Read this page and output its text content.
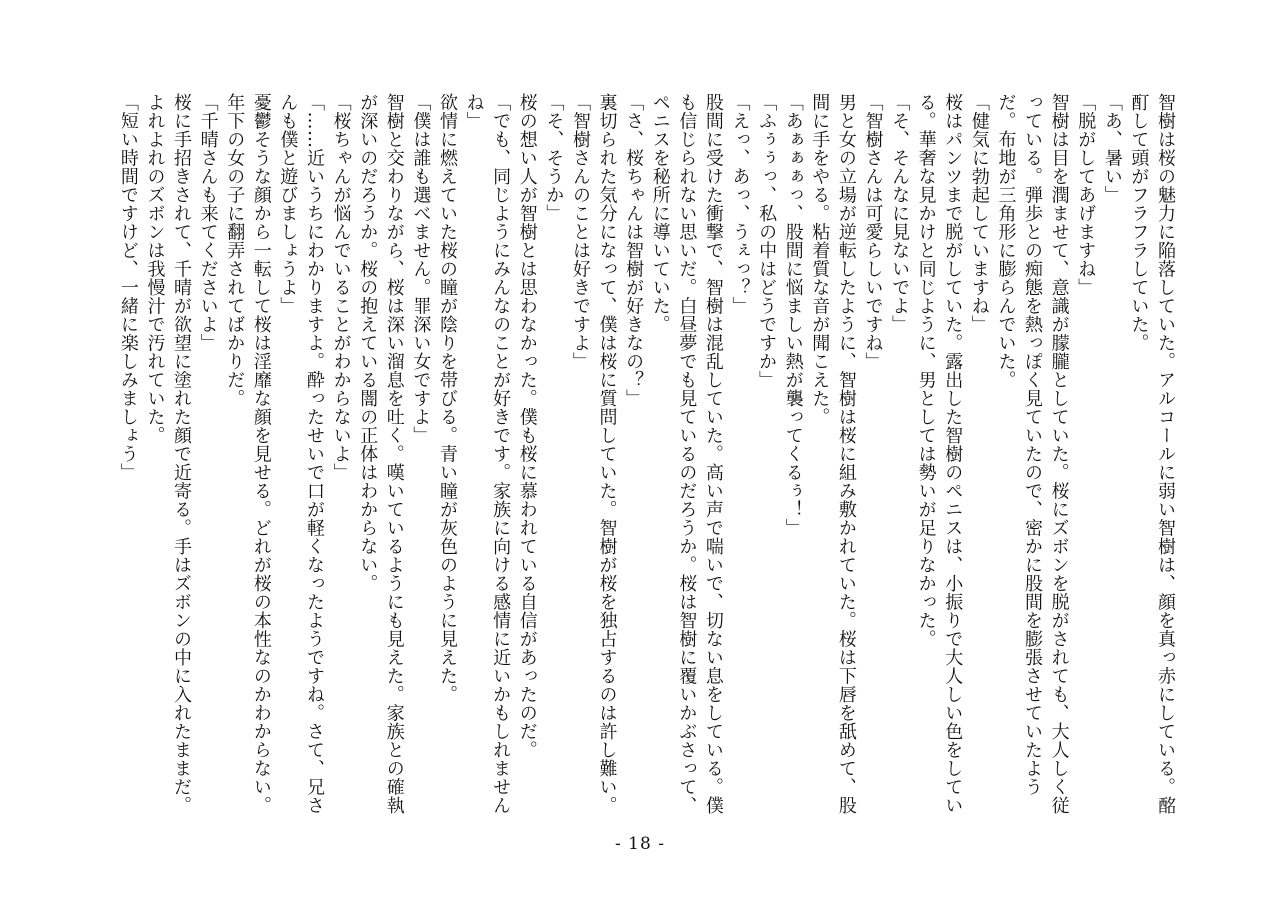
智樹は桜の魅力に陥落していた。アルコールに弱い智樹は、顔を真っ赤にしている。酩酊して頭がフラフラしていた。

「あ、暑い」

「脱がしてあげますね」

智樹は目を潤ませて、意識が朦朧としていた。桜にズボンを脱がされても、大人しく従っている。弾歩との痴態を熱っぽく見ていたので、密かに股間を膨張させていたようだ。布地が三角形に膨らんでいた。

「健気に勃起していますね」

桜はパンツまで脱がしていた。露出した智樹のペニスは、小振りで大人しい色をしている。華奢な見かけと同じように、男としては勢いが足りなかった。

「そ、そんなに見ないでよ」

「智樹さんは可愛らしいですね」

男と女の立場が逆転したように、智樹は桜に組み敷かれていた。桜は下唇を舐めて、股間に手をやる。粘着質な音が聞こえた。

「あぁぁぁっ、股間に悩ましい熱が襲ってくるぅ！」

「ふぅぅっ、私の中はどうですか」

「えっ、あっ、うぇっ？」

股間に受けた衝撃で、智樹は混乱していた。高い声で喘いで、切ない息をしている。僕も信じられない思いだ。白昼夢でも見ているのだろうか。桜は智樹に覆いかぶさって、ペニスを秘所に導いていた。

「さ、桜ちゃんは智樹が好きなの？」

裏切られた気分になって、僕は桜に質問していた。智樹が桜を独占するのは許し難い。

「智樹さんのことは好きですよ」

「そ、そうか」

桜の想い人が智樹とは思わなかった。僕も桜に慕われている自信があったのだ。

「でも、同じようにみんなのことが好きです。家族に向ける感情に近いかもしれませんね」

欲情に燃えていた桜の瞳が陰りを帯びる。青い瞳が灰色のように見えた。

「僕は誰も選べません。罪深い女ですよ」

智樹と交わりながら、桜は深い溜息を吐く。嘆いているようにも見えた。家族との確執が深いのだろうか。桜の抱えている闇の正体はわからない。

「桜ちゃんが悩んでいることがわからないよ」

「……近いうちにわかりますよ。酔ったせいで口が軽くなったようですね。さて、兄さんも僕と遊びましょうよ」

憂鬱そうな顔から一転して桜は淫靡な顔を見せる。どれが桜の本性なのかわからない。年下の女の子に翻弄されてばかりだ。

「千晴さんも来てくださいよ」

桜に手招きされて、千晴が欲望に塗れた顔で近寄る。手はズボンの中に入れたままだ。よれよれのズボンは我慢汁で汚れていた。

「短い時間ですけど、一緒に楽しみましょう」

- 18 -
